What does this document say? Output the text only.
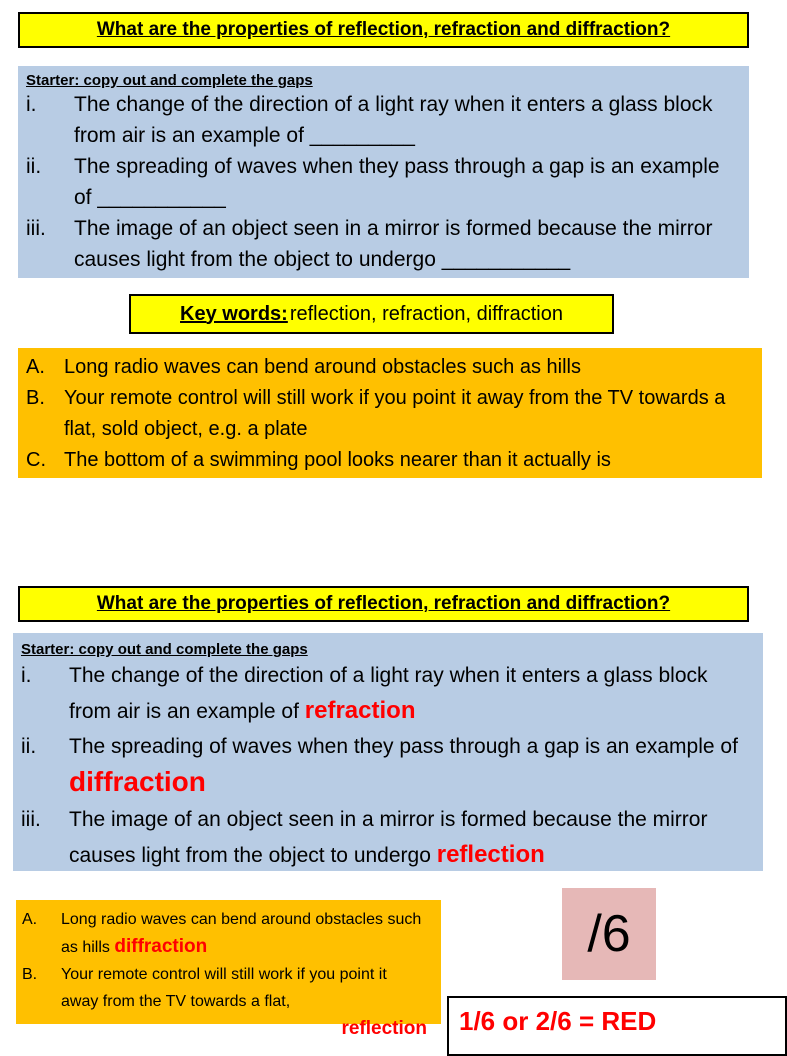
What are the properties of reflection, refraction and diffraction?
Starter: copy out and complete the gaps
i.	The change of the direction of a light ray when it enters a glass block from air is an example of _________
ii.	The spreading of waves when they pass through a gap is an example of ___________
iii.	The image of an object seen in a mirror is formed because the mirror causes light from the object to undergo ___________
Key words: reflection, refraction, diffraction
A. Long radio waves can bend around obstacles such as hills
B. Your remote control will still work if you point it away from the TV towards a flat, sold object, e.g. a plate
C. The bottom of a swimming pool looks nearer than it actually is
What are the properties of reflection, refraction and diffraction?
Starter: copy out and complete the gaps
i.	The change of the direction of a light ray when it enters a glass block from air is an example of refraction
ii.	The spreading of waves when they pass through a gap is an example of diffraction
iii.	The image of an object seen in a mirror is formed because the mirror causes light from the object to undergo reflection
A.	Long radio waves can bend around obstacles such as hills diffraction
B.	Your remote control will still work if you point it away from the TV towards a flat,
reflection
/6
1/6 or 2/6 = RED
